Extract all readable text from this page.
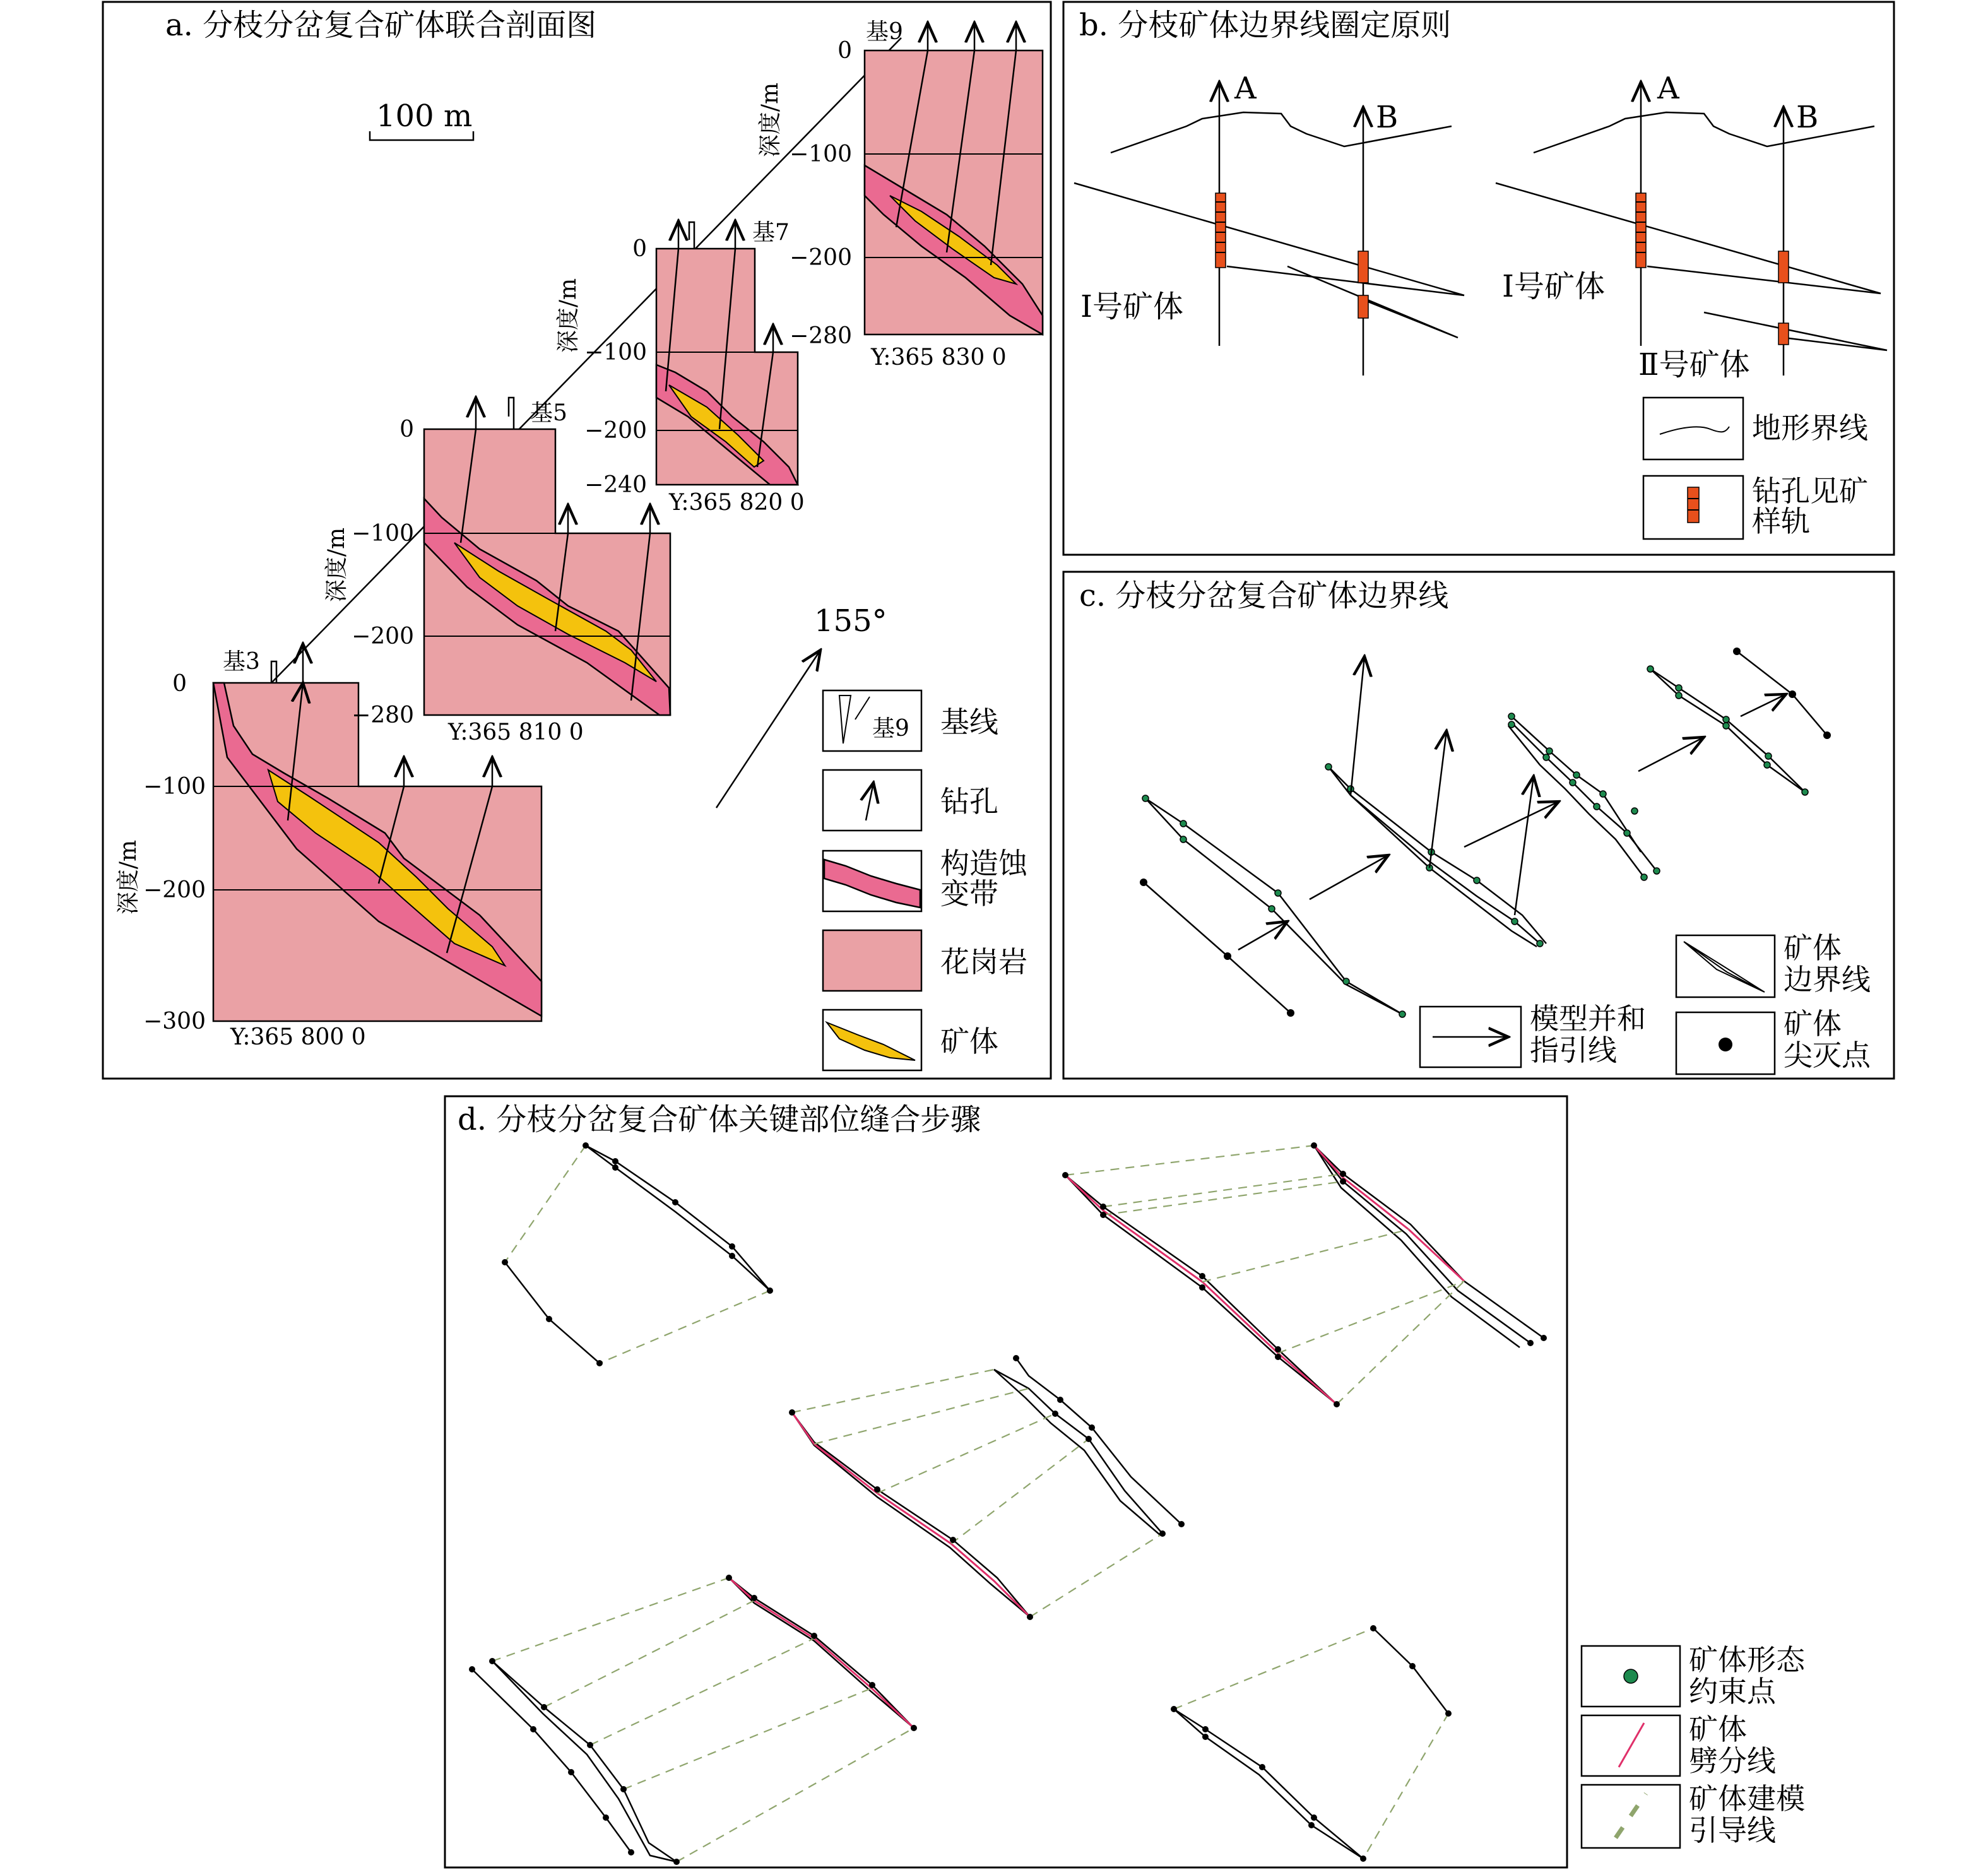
a. 分枝分岔复合矿体联合剖面图
100 m
基3
Y:365 800 0
0
−100
−200
−300
深度/m
基5
Y:365 810 0
0
−100
−200
−280
深度/m
基7
Y:365 820 0
0
−100
−200
−240
深度/m
基9
Y:365 830 0
0
−100
−200
−280
深度/m
155°
基9 基线
钻孔
构造蚀
变带
花岗岩
矿体
b. 分枝矿体边界线圈定原则
A
B
Ⅰ号矿体
A
B
Ⅰ号矿体
Ⅱ号矿体
地形界线
钻孔见矿
样轨
c. 分枝分岔复合矿体边界线
模型并和
指引线
矿体
边界线
矿体
尖灭点
d. 分枝分岔复合矿体关键部位缝合步骤
矿体形态
约束点
矿体
劈分线
矿体建模
引导线
